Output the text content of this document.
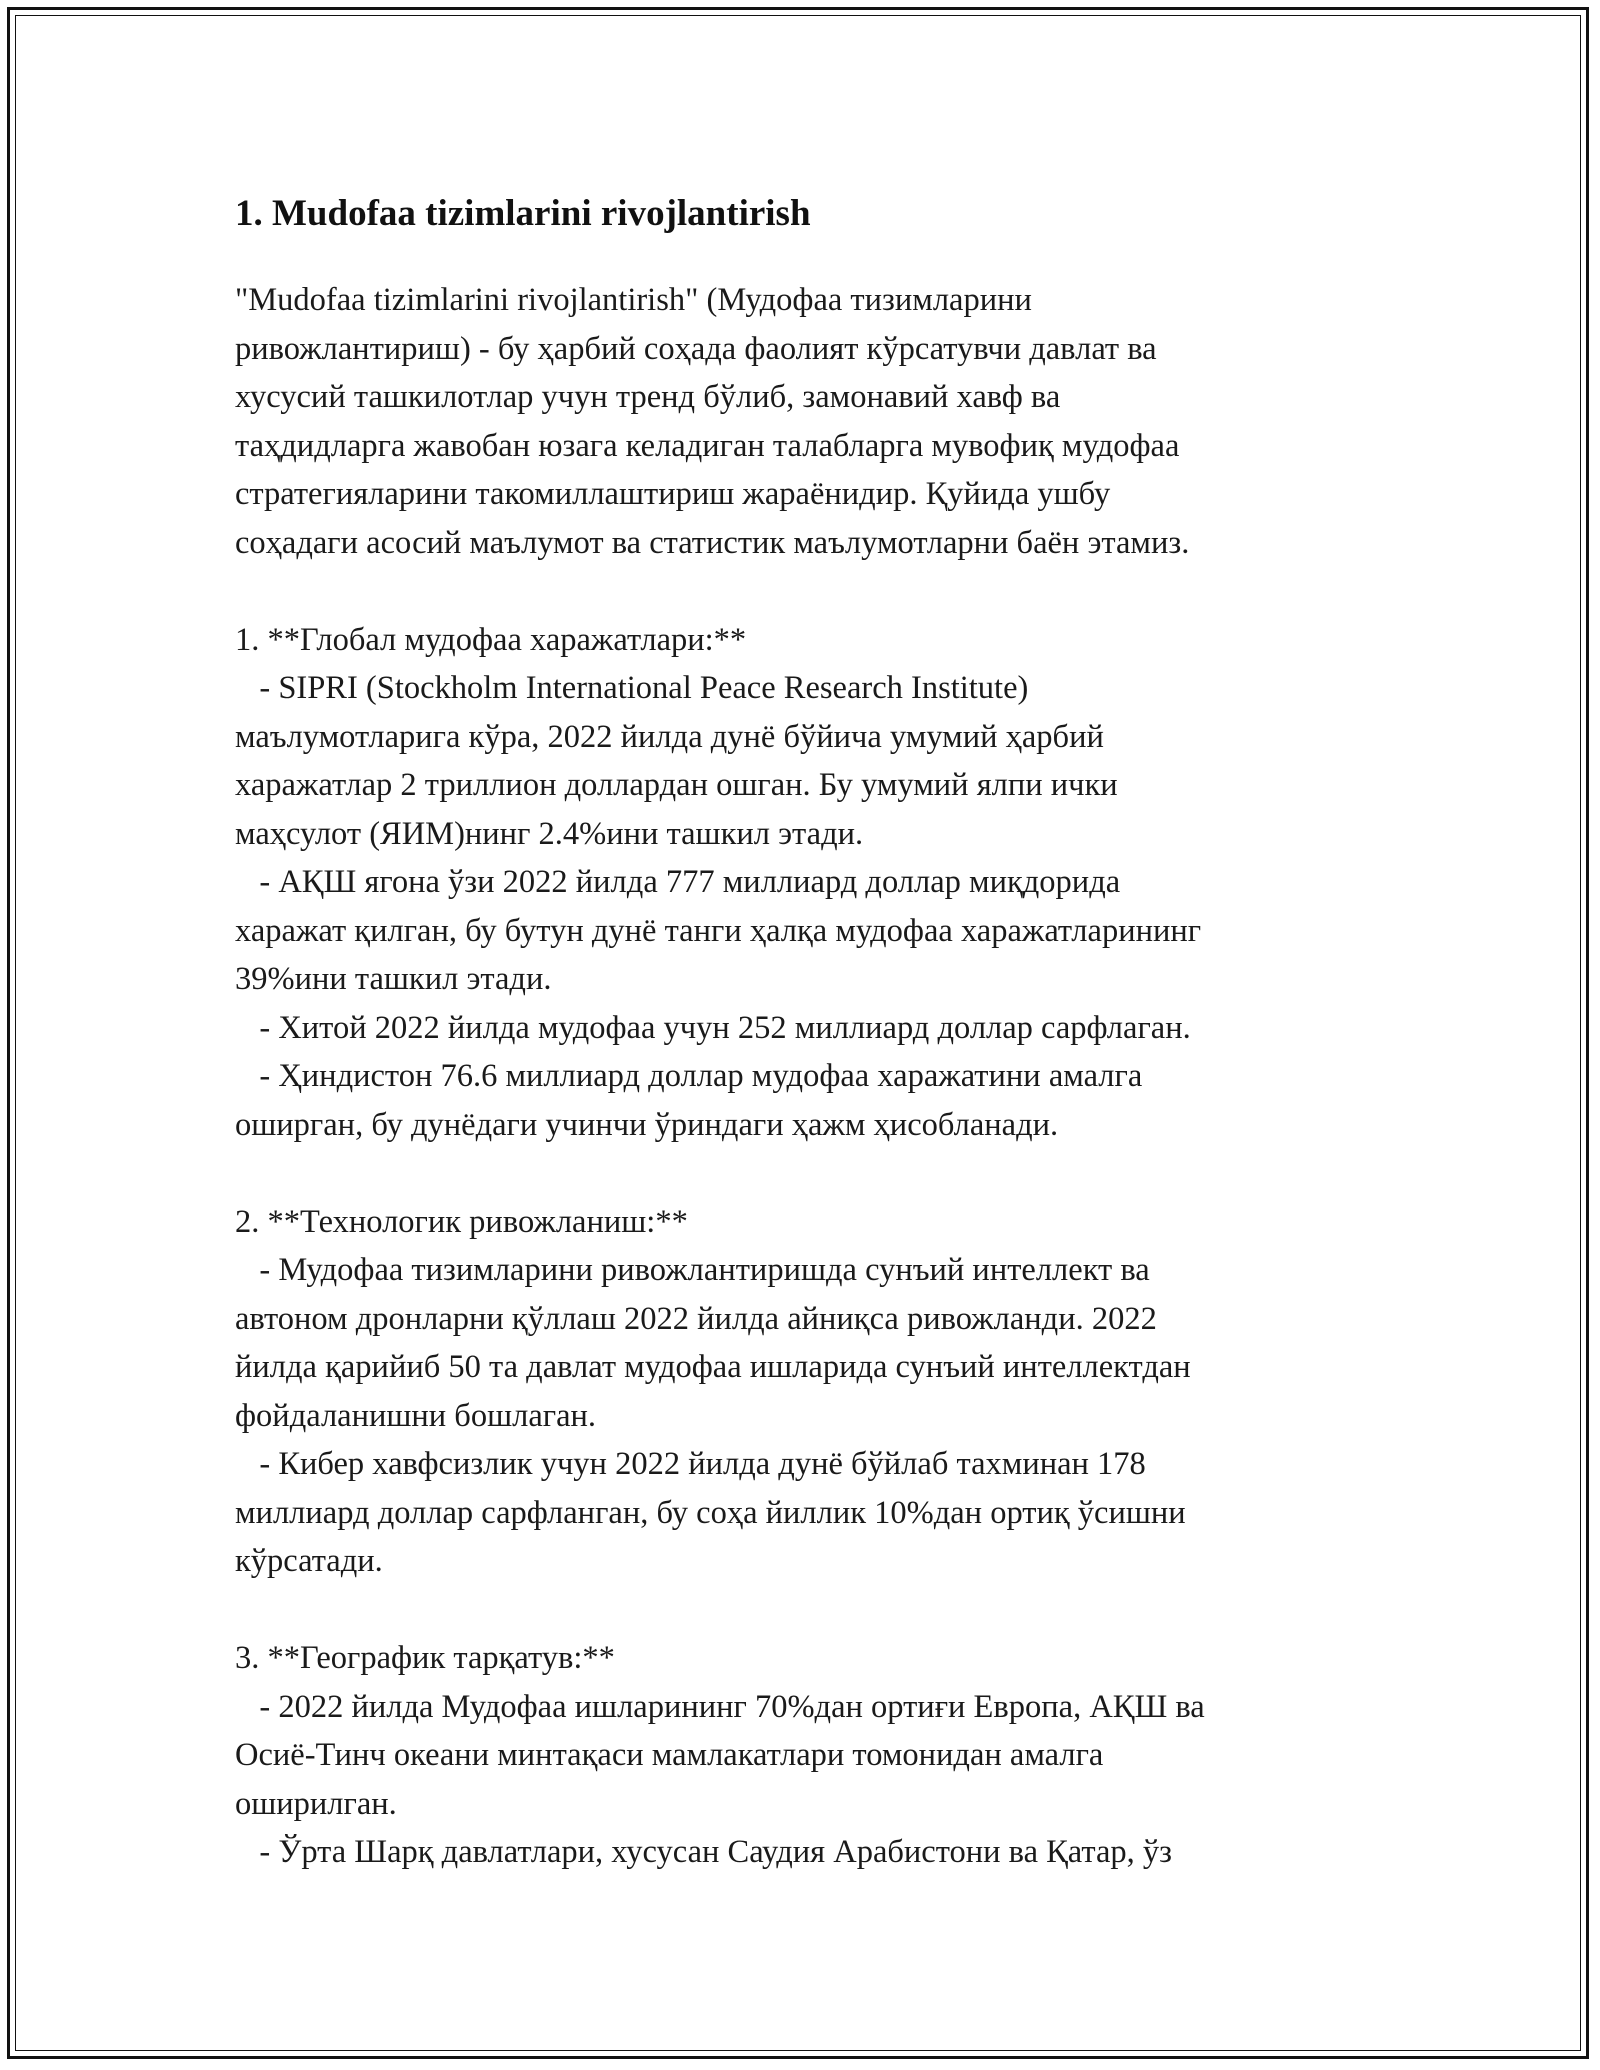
1. Mudofaa tizimlarini rivojlantirish
"Mudofaa tizimlarini rivojlantirish" (Мудофаа тизимларини
ривожлантириш) - бу ҳарбий соҳада фаолият кўрсатувчи давлат ва
хусусий ташкилотлар учун тренд бўлиб, замонавий хавф ва
таҳдидларга жавобан юзага келадиган талабларга мувофиқ мудофаа
стратегияларини такомиллаштириш жараёнидир. Қуйида ушбу
соҳадаги асосий маълумот ва статистик маълумотларни баён этамиз.
1. **Глобал мудофаа харажатлари:**
- SIPRI (Stockholm International Peace Research Institute)
маълумотларига кўра, 2022 йилда дунё бўйича умумий ҳарбий
харажатлар 2 триллион доллардан ошган. Бу умумий ялпи ички
маҳсулот (ЯИМ)нинг 2.4%ини ташкил этади.
- АҚШ ягона ўзи 2022 йилда 777 миллиард доллар миқдорида
харажат қилган, бу бутун дунё танги ҳалқа мудофаа харажатларининг
39%ини ташкил этади.
- Хитой 2022 йилда мудофаа учун 252 миллиард доллар сарфлаган.
- Ҳиндистон 76.6 миллиард доллар мудофаа харажатини амалга
оширган, бу дунёдаги учинчи ўриндаги ҳажм ҳисобланади.
2. **Технологик ривожланиш:**
- Мудофаа тизимларини ривожлантиришда сунъий интеллект ва
автоном дронларни қўллаш 2022 йилда айниқса ривожланди. 2022
йилда қарийиб 50 та давлат мудофаа ишларида сунъий интеллектдан
фойдаланишни бошлаган.
- Кибер хавфсизлик учун 2022 йилда дунё бўйлаб тахминан 178
миллиард доллар сарфланган, бу соҳа йиллик 10%дан ортиқ ўсишни
кўрсатади.
3. **Географик тарқатув:**
- 2022 йилда Мудофаа ишларининг 70%дан ортиғи Европа, АҚШ ва
Осиё-Тинч океани минтақаси мамлакатлари томонидан амалга
оширилган.
- Ўрта Шарқ давлатлари, хусусан Саудия Арабистони ва Қатар, ўз
